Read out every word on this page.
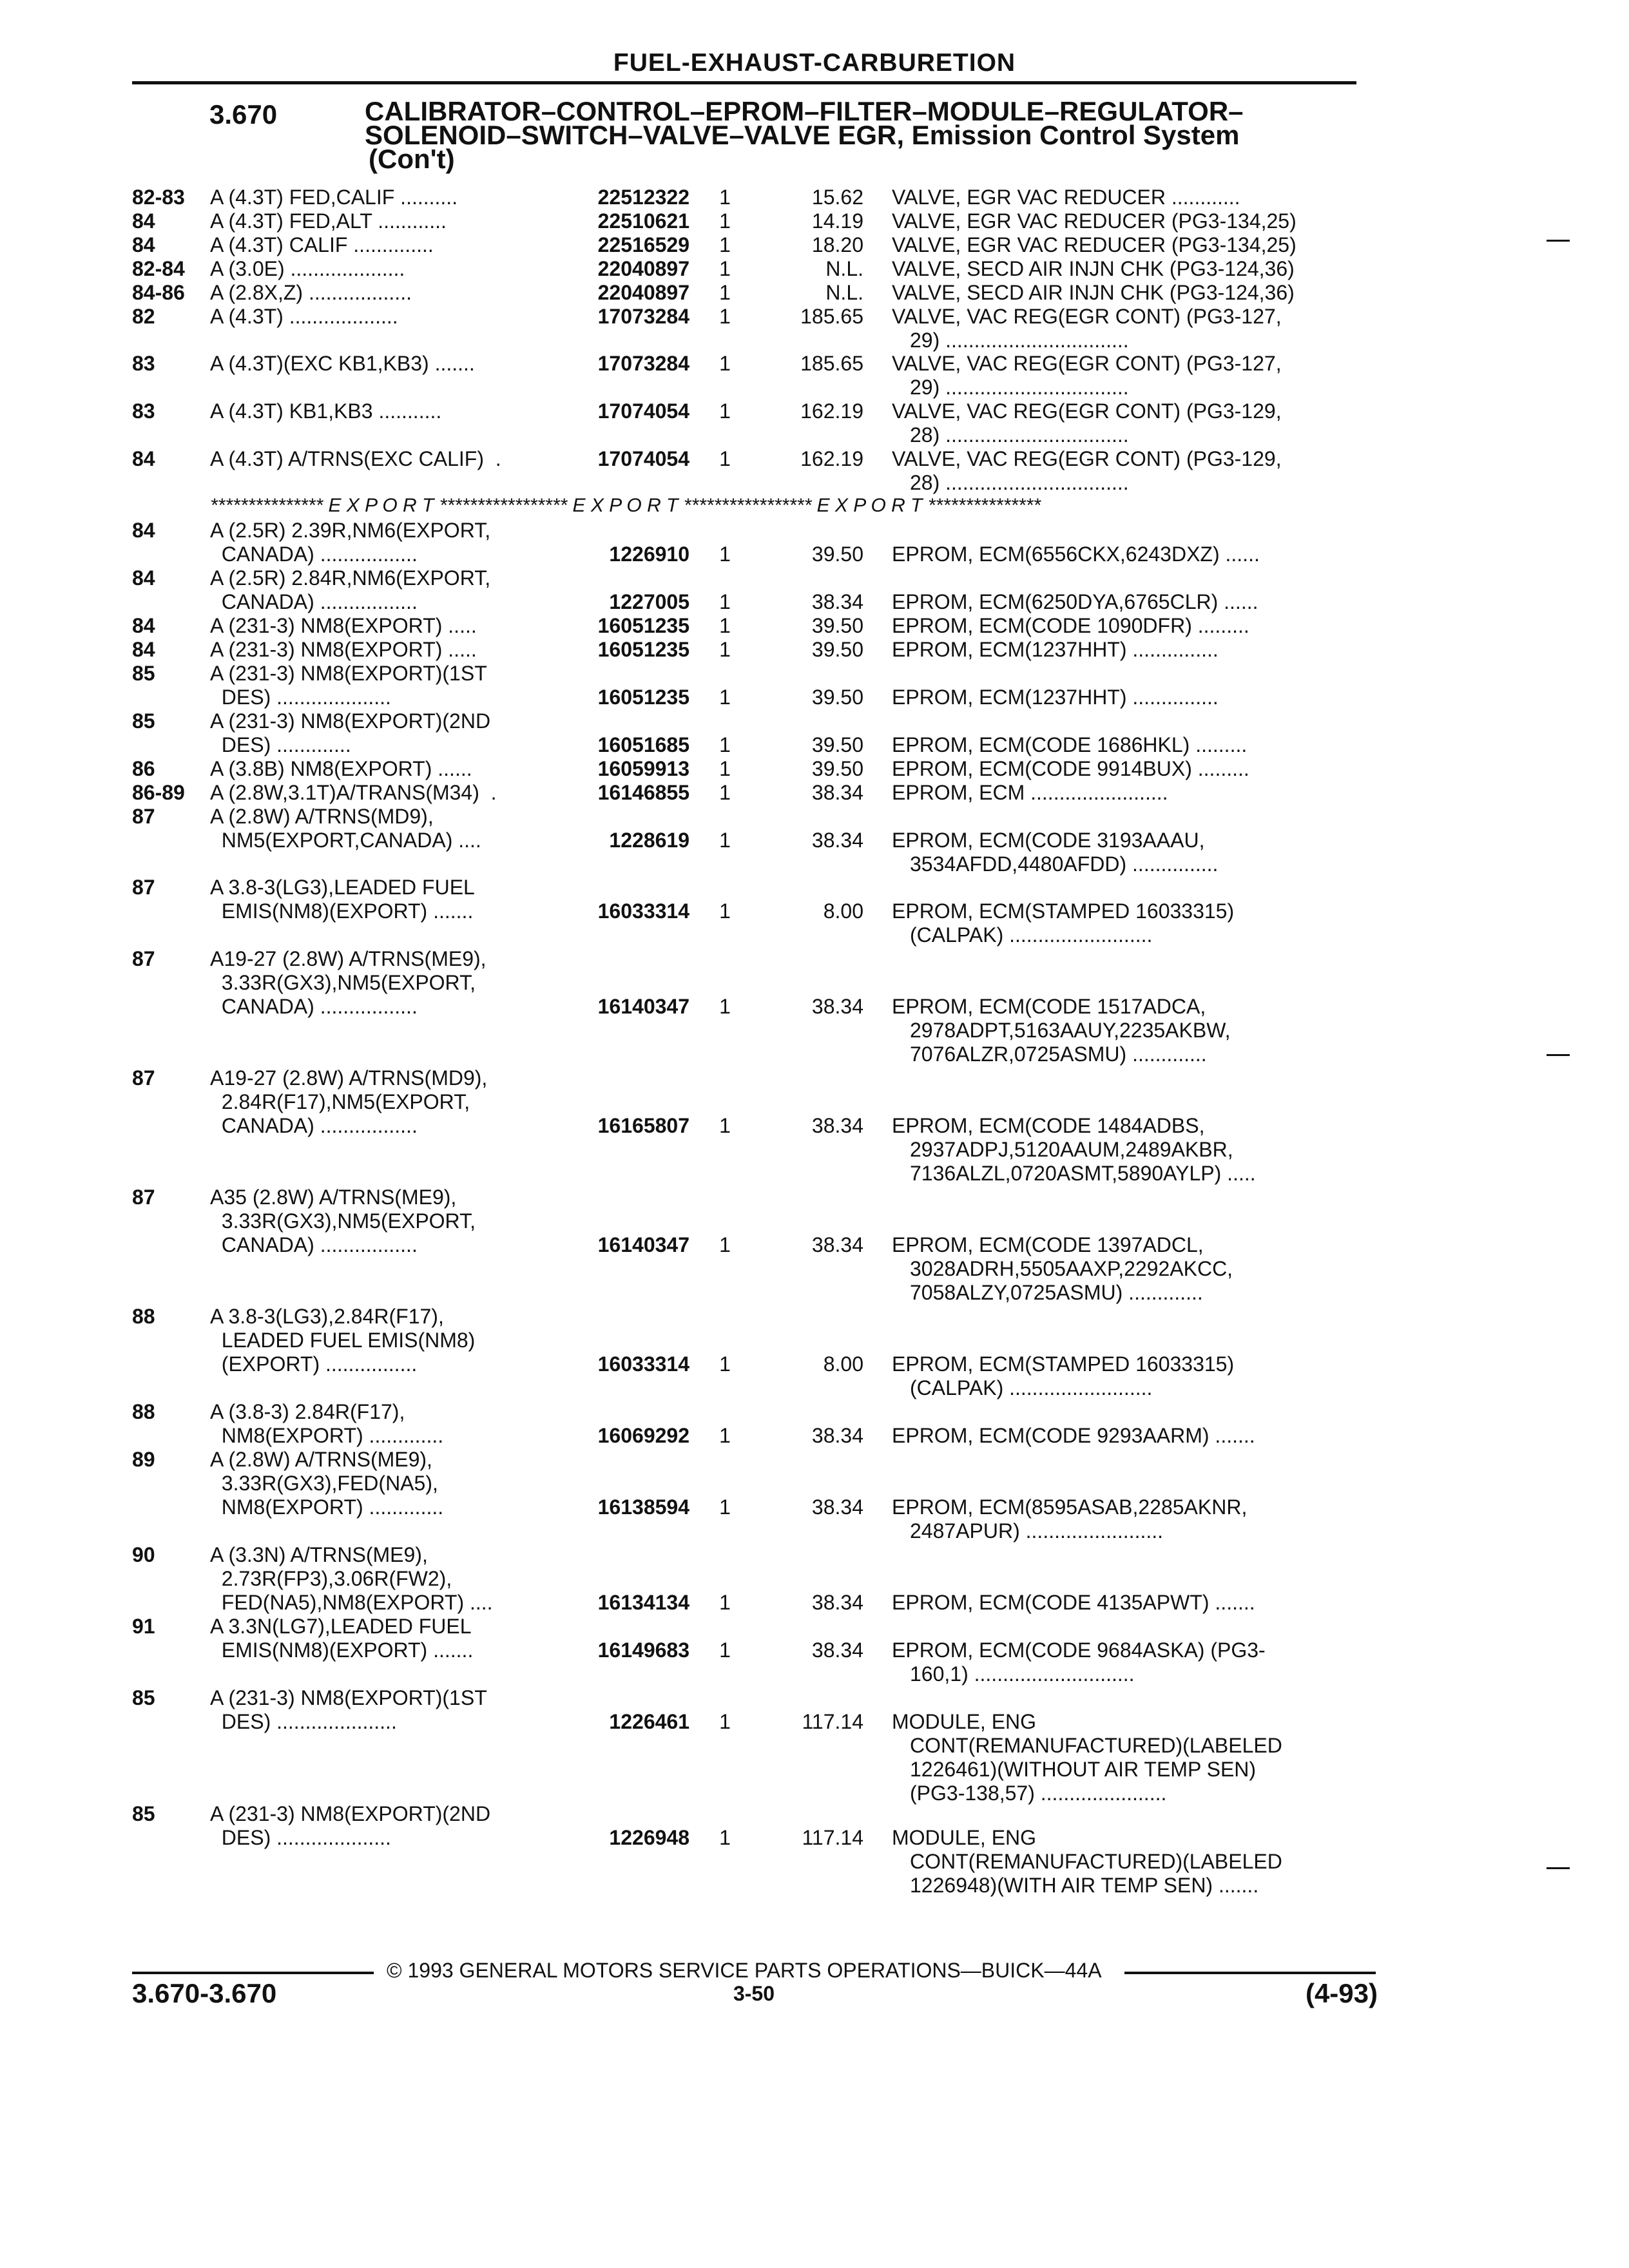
FUEL-EXHAUST-CARBURETION
3.670	CALIBRATOR–CONTROL–EPROM–FILTER–MODULE–REGULATOR–
SOLENOID–SWITCH–VALVE–VALVE EGR, Emission Control System
(Con't)
*************** E X P O R T ***************** E X P O R T ***************** E X P O R T ***************
82-83 A (4.3T) FED,CALIF ..........	22512322 1	15.62 VALVE, EGR VAC REDUCER ............
84	A (4.3T) FED,ALT ............	22510621 1	14.19 VALVE, EGR VAC REDUCER (PG3-134,25)
84	A (4.3T) CALIF ..............	22516529 1	18.20 VALVE, EGR VAC REDUCER (PG3-134,25)
82-84 A (3.0E) ....................	22040897 1	N.L. VALVE, SECD AIR INJN CHK (PG3-124,36)
84-86 A (2.8X,Z) ..................	22040897 1	N.L. VALVE, SECD AIR INJN CHK (PG3-124,36)
82	A (4.3T) ...................	17073284 1	185.65 VALVE, VAC REG(EGR CONT) (PG3-127,
29) ................................
83	A (4.3T)(EXC KB1,KB3) .......	17073284 1	185.65 VALVE, VAC REG(EGR CONT) (PG3-127,
29) ................................
83	A (4.3T) KB1,KB3 ...........	17074054 1	162.19 VALVE, VAC REG(EGR CONT) (PG3-129,
28) ................................
84	A (4.3T) A/TRNS(EXC CALIF)  .	17074054 1	162.19 VALVE, VAC REG(EGR CONT) (PG3-129,
28) ................................
84	A (2.5R) 2.39R,NM6(EXPORT,
CANADA) .................	1226910 1	39.50 EPROM, ECM(6556CKX,6243DXZ) ......
84	A (2.5R) 2.84R,NM6(EXPORT,
CANADA) .................	1227005 1	38.34 EPROM, ECM(6250DYA,6765CLR) ......
84	A (231-3) NM8(EXPORT) .....	16051235 1	39.50 EPROM, ECM(CODE 1090DFR) .........
84	A (231-3) NM8(EXPORT) .....	16051235 1	39.50 EPROM, ECM(1237HHT) ...............
85	A (231-3) NM8(EXPORT)(1ST
DES) ....................	16051235 1	39.50 EPROM, ECM(1237HHT) ...............
85	A (231-3) NM8(EXPORT)(2ND
DES) .............	16051685 1	39.50 EPROM, ECM(CODE 1686HKL) .........
86	A (3.8B) NM8(EXPORT) ......	16059913 1	39.50 EPROM, ECM(CODE 9914BUX) .........
86-89 A (2.8W,3.1T)A/TRANS(M34)  .	16146855 1	38.34 EPROM, ECM ........................
87	A (2.8W) A/TRNS(MD9),
NM5(EXPORT,CANADA) ....	1228619 1	38.34 EPROM, ECM(CODE 3193AAAU,
3534AFDD,4480AFDD) ...............
87	A 3.8-3(LG3),LEADED FUEL
EMIS(NM8)(EXPORT) .......	16033314 1	8.00 EPROM, ECM(STAMPED 16033315)
(CALPAK) .........................
87	A19-27 (2.8W) A/TRNS(ME9),
3.33R(GX3),NM5(EXPORT,
CANADA) .................	16140347 1	38.34 EPROM, ECM(CODE 1517ADCA,
2978ADPT,5163AAUY,2235AKBW,
7076ALZR,0725ASMU) .............
87	A19-27 (2.8W) A/TRNS(MD9),
2.84R(F17),NM5(EXPORT,
CANADA) .................	16165807 1	38.34 EPROM, ECM(CODE 1484ADBS,
2937ADPJ,5120AAUM,2489AKBR,
7136ALZL,0720ASMT,5890AYLP) .....
87	A35 (2.8W) A/TRNS(ME9),
3.33R(GX3),NM5(EXPORT,
CANADA) .................	16140347 1	38.34 EPROM, ECM(CODE 1397ADCL,
3028ADRH,5505AAXP,2292AKCC,
7058ALZY,0725ASMU) .............
88	A 3.8-3(LG3),2.84R(F17),
LEADED FUEL EMIS(NM8)
(EXPORT) ................	16033314 1	8.00 EPROM, ECM(STAMPED 16033315)
(CALPAK) .........................
88	A (3.8-3) 2.84R(F17),
NM8(EXPORT) .............	16069292 1	38.34 EPROM, ECM(CODE 9293AARM) .......
89	A (2.8W) A/TRNS(ME9),
3.33R(GX3),FED(NA5),
NM8(EXPORT) .............	16138594 1	38.34 EPROM, ECM(8595ASAB,2285AKNR,
2487APUR) ........................
90	A (3.3N) A/TRNS(ME9),
2.73R(FP3),3.06R(FW2),
FED(NA5),NM8(EXPORT) ....	16134134 1	38.34 EPROM, ECM(CODE 4135APWT) .......
91	A 3.3N(LG7),LEADED FUEL
EMIS(NM8)(EXPORT) .......	16149683 1	38.34 EPROM, ECM(CODE 9684ASKA) (PG3-
160,1) ............................
85	A (231-3) NM8(EXPORT)(1ST
DES) .....................	1226461 1	117.14 MODULE, ENG
CONT(REMANUFACTURED)(LABELED
1226461)(WITHOUT AIR TEMP SEN)
(PG3-138,57) ......................
85	A (231-3) NM8(EXPORT)(2ND
DES) ....................	1226948 1	117.14 MODULE, ENG
CONT(REMANUFACTURED)(LABELED
1226948)(WITH AIR TEMP SEN) .......
© 1993 GENERAL MOTORS SERVICE PARTS OPERATIONS—BUICK—44A
3.670-3.670	3-50	(4-93)
